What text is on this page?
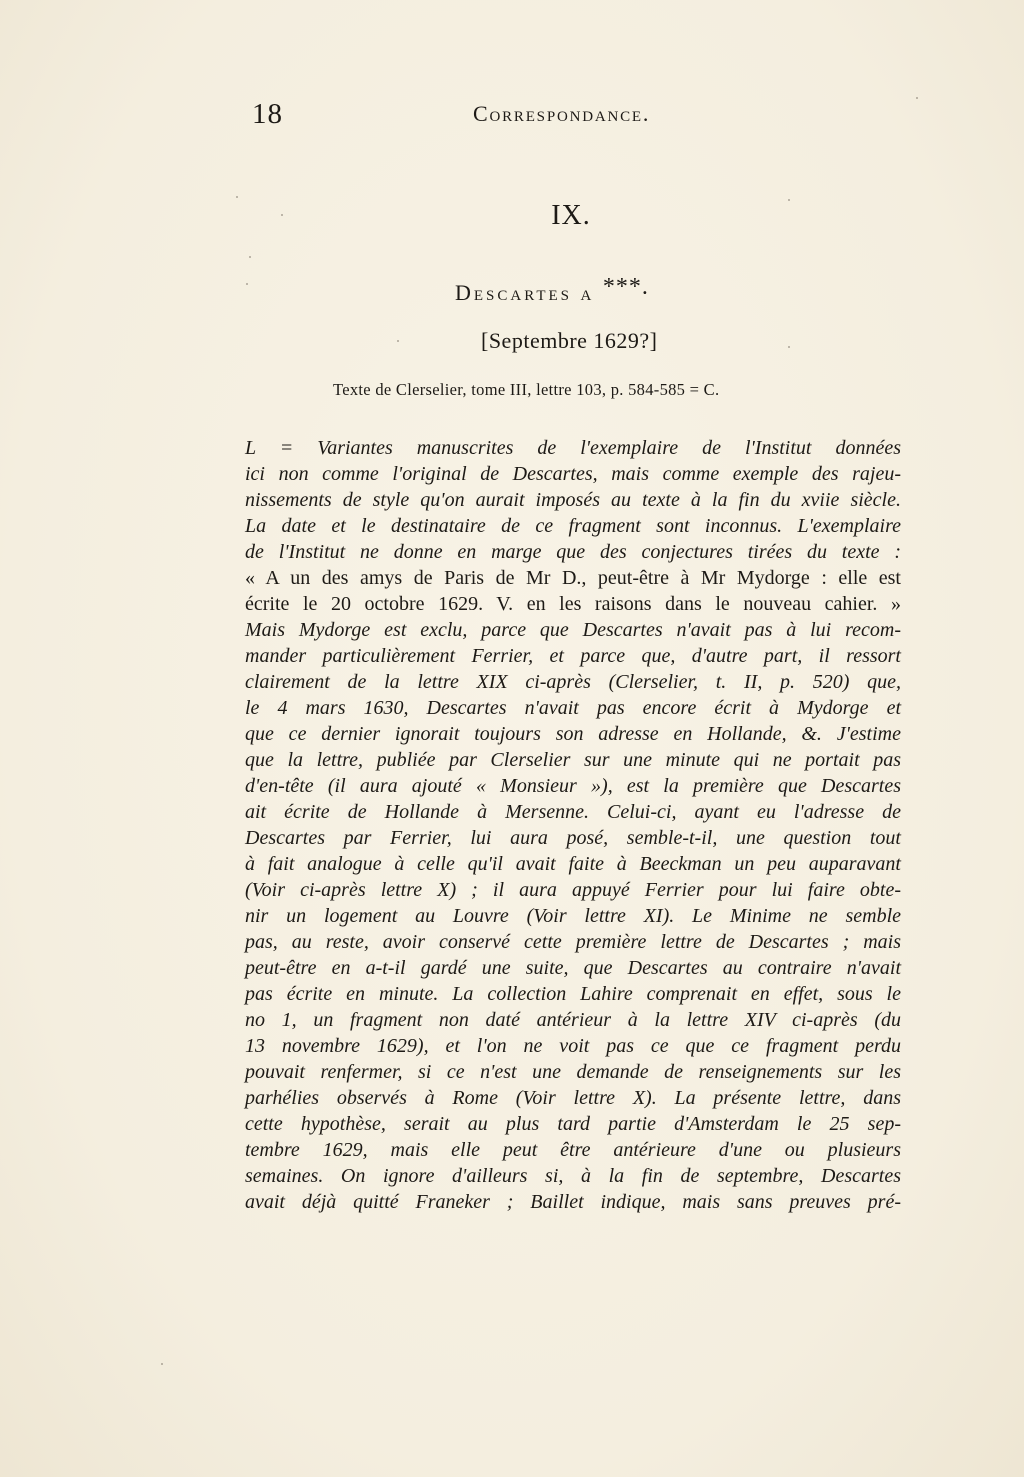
18	Correspondance.
IX.
Descartes a ***.
[Septembre 1629?]
Texte de Clerselier, tome III, lettre 103, p. 584-585 = C.
L = Variantes manuscrites de l'exemplaire de l'Institut données
ici non comme l'original de Descartes, mais comme exemple des rajeu-
nissements de style qu'on aurait imposés au texte à la fin du xviie siècle.
La date et le destinataire de ce fragment sont inconnus. L'exemplaire
de l'Institut ne donne en marge que des conjectures tirées du texte :
« A un des amys de Paris de Mr D., peut-être à Mr Mydorge : elle est
écrite le 20 octobre 1629. V. en les raisons dans le nouveau cahier. »
Mais Mydorge est exclu, parce que Descartes n'avait pas à lui recom-
mander particulièrement Ferrier, et parce que, d'autre part, il ressort
clairement de la lettre XIX ci-après (Clerselier, t. II, p. 520) que,
le 4 mars 1630, Descartes n'avait pas encore écrit à Mydorge et
que ce dernier ignorait toujours son adresse en Hollande, &. J'estime
que la lettre, publiée par Clerselier sur une minute qui ne portait pas
d'en-tête (il aura ajouté « Monsieur »), est la première que Descartes
ait écrite de Hollande à Mersenne. Celui-ci, ayant eu l'adresse de
Descartes par Ferrier, lui aura posé, semble-t-il, une question tout
à fait analogue à celle qu'il avait faite à Beeckman un peu auparavant
(Voir ci-après lettre X) ; il aura appuyé Ferrier pour lui faire obte-
nir un logement au Louvre (Voir lettre XI). Le Minime ne semble
pas, au reste, avoir conservé cette première lettre de Descartes ; mais
peut-être en a-t-il gardé une suite, que Descartes au contraire n'avait
pas écrite en minute. La collection Lahire comprenait en effet, sous le
no 1, un fragment non daté antérieur à la lettre XIV ci-après (du
13 novembre 1629), et l'on ne voit pas ce que ce fragment perdu
pouvait renfermer, si ce n'est une demande de renseignements sur les
parhélies observés à Rome (Voir lettre X). La présente lettre, dans
cette hypothèse, serait au plus tard partie d'Amsterdam le 25 sep-
tembre 1629, mais elle peut être antérieure d'une ou plusieurs
semaines. On ignore d'ailleurs si, à la fin de septembre, Descartes
avait déjà quitté Franeker ; Baillet indique, mais sans preuves pré-
